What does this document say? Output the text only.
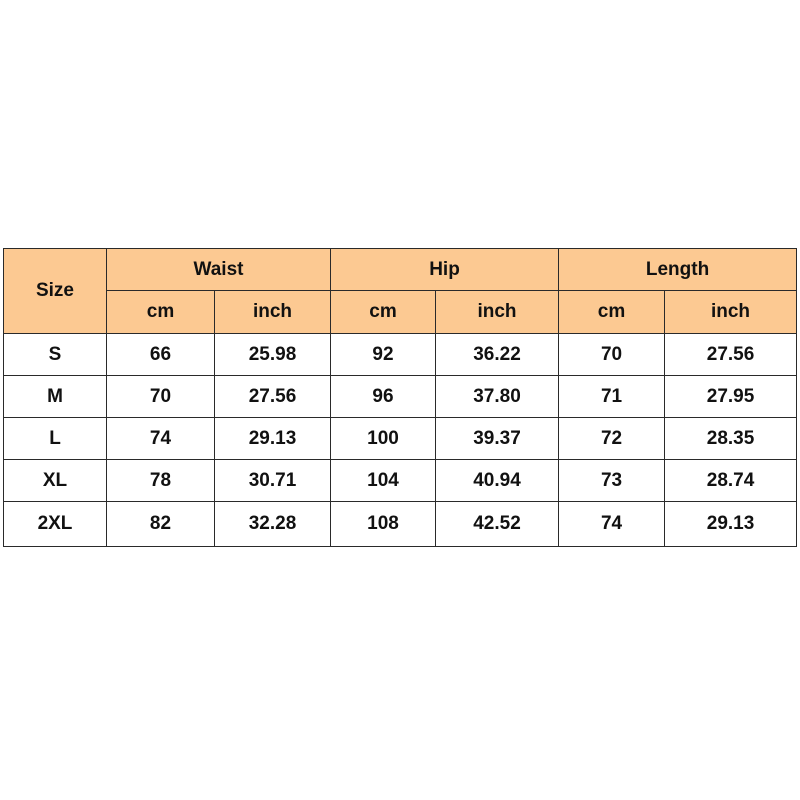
Size	Waist		Hip		Length	
	cm	inch	cm	inch	cm	inch
S	66	25.98	92	36.22	70	27.56
M	70	27.56	96	37.80	71	27.95
L	74	29.13	100	39.37	72	28.35
XL	78	30.71	104	40.94	73	28.74
2XL	82	32.28	108	42.52	74	29.13
